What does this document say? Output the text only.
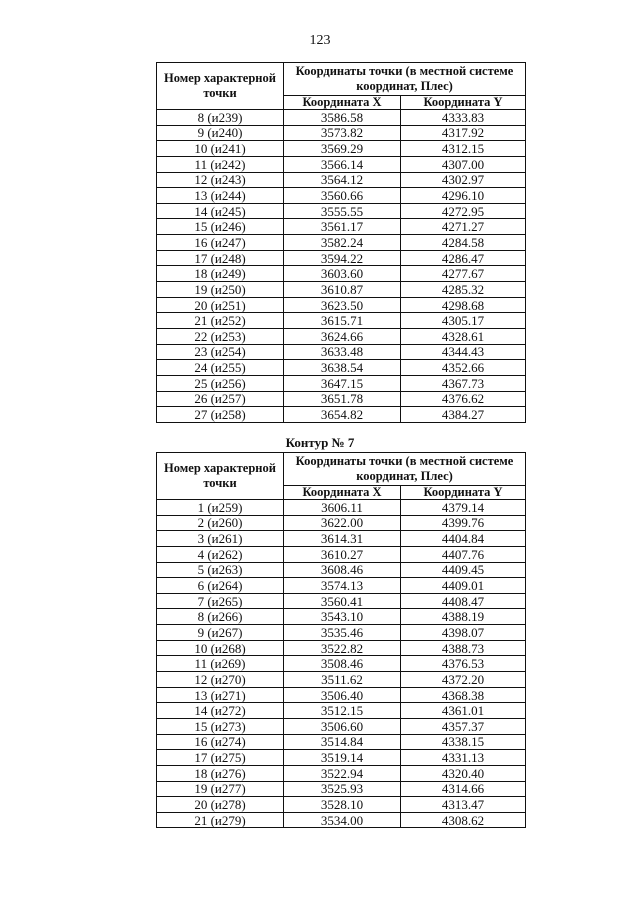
123
Номер характерной точки	Координаты точки (в местной системе координат, Плес)	
	Координата X	Координата Y
8 (и239)	3586.58	4333.83
9 (и240)	3573.82	4317.92
10 (и241)	3569.29	4312.15
11 (и242)	3566.14	4307.00
12 (и243)	3564.12	4302.97
13 (и244)	3560.66	4296.10
14 (и245)	3555.55	4272.95
15 (и246)	3561.17	4271.27
16 (и247)	3582.24	4284.58
17 (и248)	3594.22	4286.47
18 (и249)	3603.60	4277.67
19 (и250)	3610.87	4285.32
20 (и251)	3623.50	4298.68
21 (и252)	3615.71	4305.17
22 (и253)	3624.66	4328.61
23 (и254)	3633.48	4344.43
24 (и255)	3638.54	4352.66
25 (и256)	3647.15	4367.73
26 (и257)	3651.78	4376.62
27 (и258)	3654.82	4384.27
Контур № 7
Номер характерной точки	Координаты точки (в местной системе координат, Плес)	
	Координата X	Координата Y
1 (и259)	3606.11	4379.14
2 (и260)	3622.00	4399.76
3 (и261)	3614.31	4404.84
4 (и262)	3610.27	4407.76
5 (и263)	3608.46	4409.45
6 (и264)	3574.13	4409.01
7 (и265)	3560.41	4408.47
8 (и266)	3543.10	4388.19
9 (и267)	3535.46	4398.07
10 (и268)	3522.82	4388.73
11 (и269)	3508.46	4376.53
12 (и270)	3511.62	4372.20
13 (и271)	3506.40	4368.38
14 (и272)	3512.15	4361.01
15 (и273)	3506.60	4357.37
16 (и274)	3514.84	4338.15
17 (и275)	3519.14	4331.13
18 (и276)	3522.94	4320.40
19 (и277)	3525.93	4314.66
20 (и278)	3528.10	4313.47
21 (и279)	3534.00	4308.62
